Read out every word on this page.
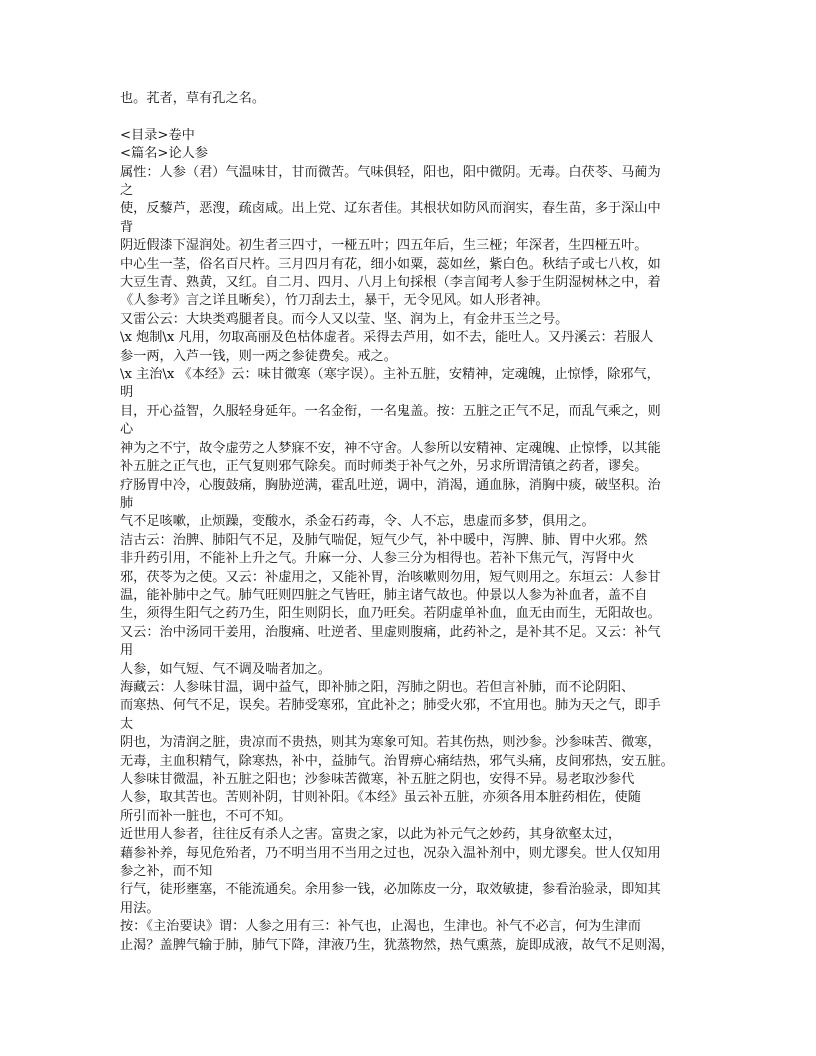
也。芤者，草有孔之名。
<目录>卷中
<篇名>论人参
属性：人参（君）气温味甘，甘而微苦。气味俱轻，阳也，阳中微阴。无毒。白茯苓、马蔺为
之
使，反藜芦，恶溲，疏卤咸。出上党、辽东者佳。其根状如防风而润实，春生苗，多于深山中
背
阴近假漆下湿润处。初生者三四寸，一桠五叶；四五年后，生三桠；年深者，生四桠五叶。
中心生一茎，俗名百尺杵。三月四月有花，细小如粟，蕊如丝，紫白色。秋结子或七八枚，如
大豆生青、熟黄，又红。自二月、四月、八月上旬採根（李言闻考人参于生阴湿树林之中，着
《人参考》言之详且晰矣），竹刀刮去土，暴干，无令见风。如人形者神。
又雷公云：大块类鸡腿者良。而今人又以莹、坚、润为上，有金井玉兰之号。
\x 炮制\x 凡用，勿取高丽及色枯体虚者。采得去芦用，如不去，能吐人。又丹溪云：若服人
参一两，入芦一钱，则一两之参徒费矣。戒之。
\x 主治\x 《本经》云：味甘微寒（寒字误）。主补五脏，安精神，定魂魄，止惊悸，除邪气，
明
目，开心益智，久服轻身延年。一名金衔，一名鬼盖。按：五脏之正气不足，而乱气乘之，则
心
神为之不宁，故令虚劳之人梦寐不安，神不守舍。人参所以安精神、定魂魄、止惊悸，以其能
补五脏之正气也，正气复则邪气除矣。而时师类于补气之外，另求所谓清镇之药者，谬矣。
疗肠胃中冷，心腹鼓痛，胸胁逆满，霍乱吐逆，调中，消渴，通血脉，消胸中痰，破坚积。治
肺
气不足咳嗽，止烦躁，变酸水，杀金石药毒，令、人不忘，患虚而多梦，俱用之。
洁古云：治脾、肺阳气不足，及肺气喘促，短气少气，补中暖中，泻脾、肺、胃中火邪。然
非升药引用，不能补上升之气。升麻一分、人参三分为相得也。若补下焦元气，泻肾中火
邪，茯苓为之使。又云：补虚用之，又能补胃，治咳嗽则勿用，短气则用之。东垣云：人参甘
温，能补肺中之气。肺气旺则四脏之气皆旺，肺主诸气故也。仲景以人参为补血者，盖不自
生，须得生阳气之药乃生，阳生则阴长，血乃旺矣。若阴虚单补血，血无由而生，无阳故也。
又云：治中汤同干姜用，治腹痛、吐逆者、里虚则腹痛，此药补之，是补其不足。又云：补气
用
人参，如气短、气不调及喘者加之。
海藏云：人参味甘温，调中益气，即补肺之阳，泻肺之阴也。若但言补肺，而不论阴阳、
而寒热、何气不足，误矣。若肺受寒邪，宜此补之；肺受火邪，不宜用也。肺为天之气，即手
太
阴也，为清润之脏，贵凉而不贵热，则其为寒象可知。若其伤热，则沙参。沙参味苦、微寒，
无毒，主血积精气，除寒热，补中，益肺气。治胃痹心痛结热，邪气头痛，皮间邪热，安五脏。
人参味甘微温，补五脏之阳也；沙参味苦微寒，补五脏之阴也，安得不异。易老取沙参代
人参，取其苦也。苦则补阴，甘则补阳。《本经》虽云补五脏，亦须各用本脏药相佐，使随
所引而补一脏也，不可不知。
近世用人参者，往往反有杀人之害。富贵之家，以此为补元气之妙药，其身欲壑太过，
藉参补养，每见危殆者，乃不明当用不当用之过也，况杂入温补剂中，则尤谬矣。世人仅知用
参之补，而不知
行气，徒形壅塞，不能流通矣。余用参一钱，必加陈皮一分，取效敏捷，参看治验录，即知其
用法。
按：《主治要诀》谓：人参之用有三：补气也，止渴也，生津也。补气不必言，何为生津而
止渴？盖脾气输于肺，肺气下降，津液乃生，犹蒸物然，热气熏蒸，旋即成液，故气不足则渴，
